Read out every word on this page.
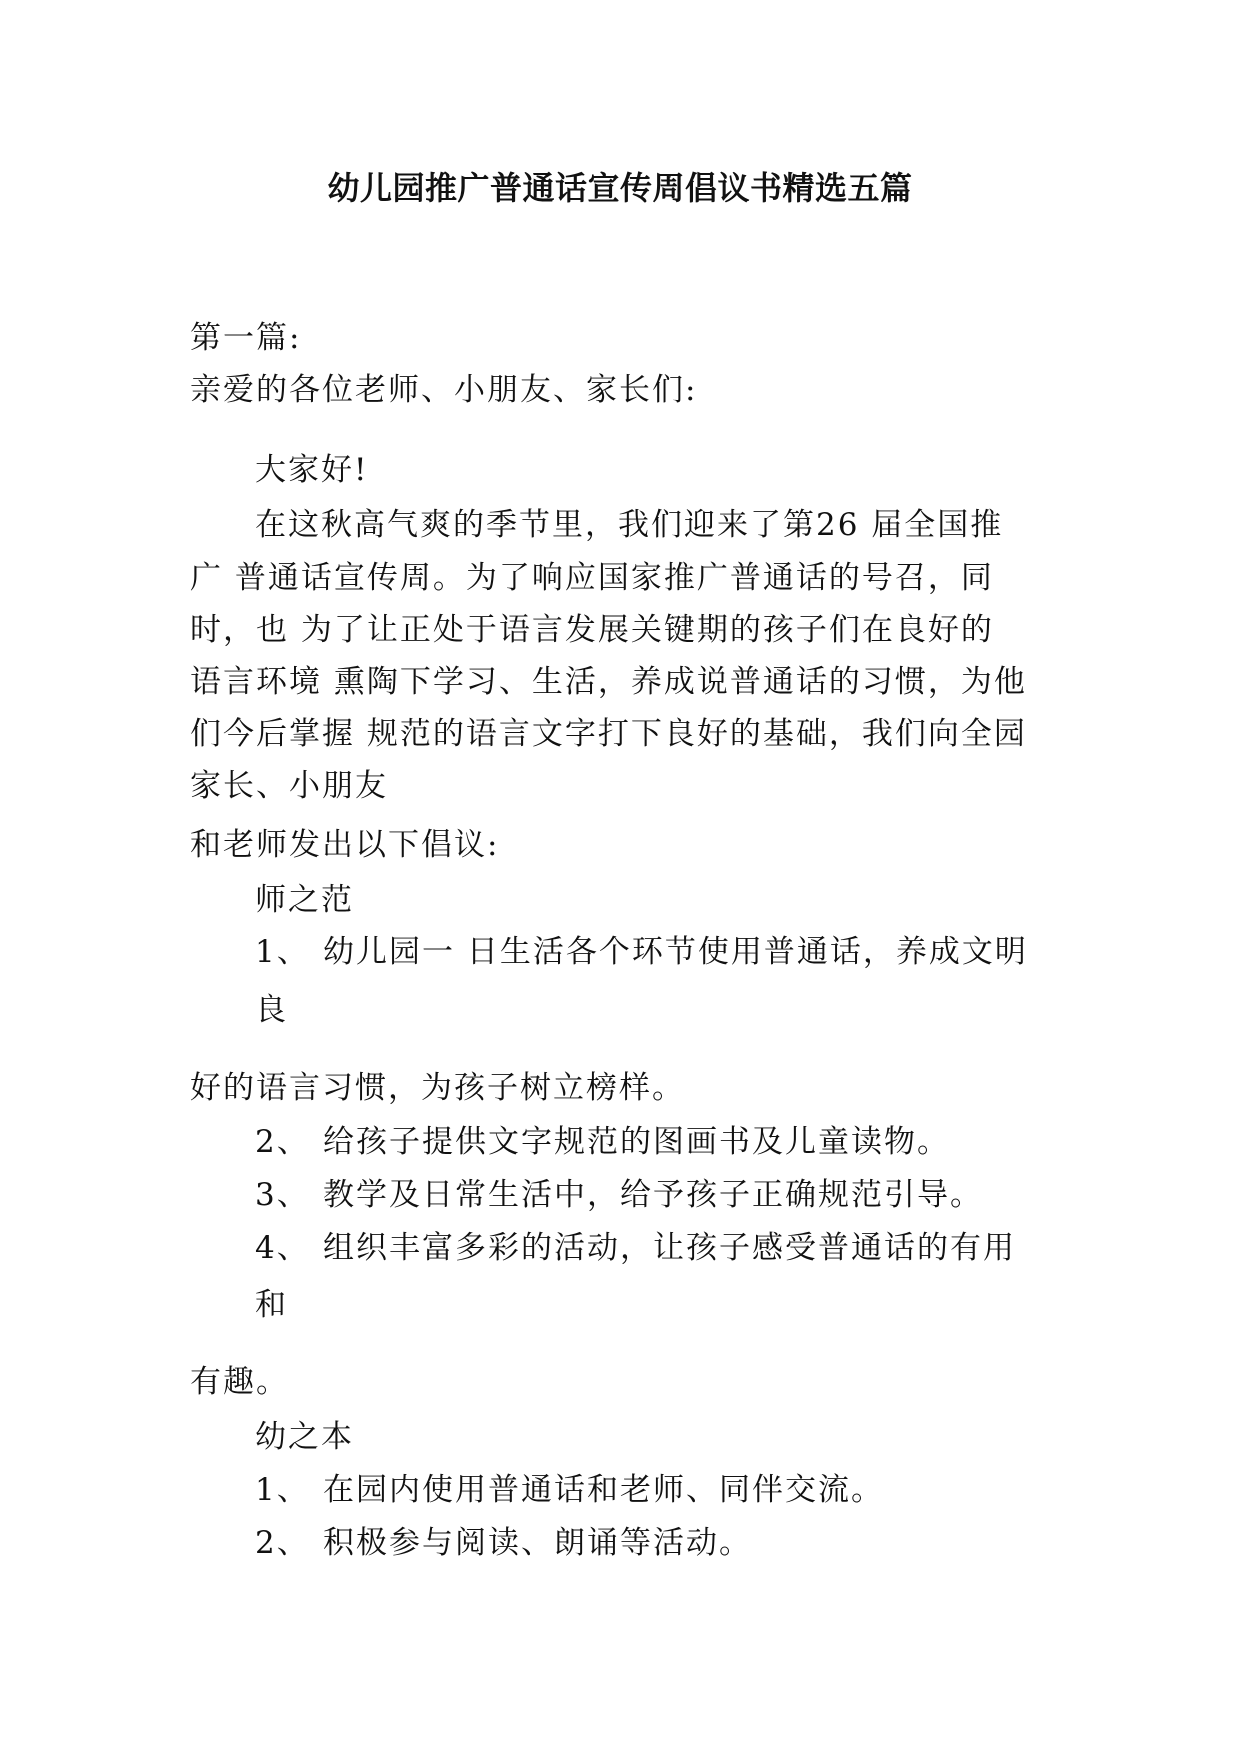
幼儿园推广普通话宣传周倡议书精选五篇

第一篇:

亲爱的各位老师、小朋友、家长们:

大家好!

在这秋高气爽的季节里，我们迎来了第26 届全国推

广 普通话宣传周。为了响应国家推广普通话的号召，同

时，也 为了让正处于语言发展关键期的孩子们在良好的

语言环境 熏陶下学习、生活，养成说普通话的习惯，为他

们今后掌握 规范的语言文字打下良好的基础，我们向全园

家长、小朋友

和老师发出以下倡议:

师之范

1、 幼儿园一 日生活各个环节使用普通话，养成文明

良

好的语言习惯，为孩子树立榜样。

2、 给孩子提供文字规范的图画书及儿童读物。

3、 教学及日常生活中，给予孩子正确规范引导。

4、 组织丰富多彩的活动，让孩子感受普通话的有用

和

有趣。

幼之本

1、 在园内使用普通话和老师、同伴交流。

2、 积极参与阅读、朗诵等活动。
